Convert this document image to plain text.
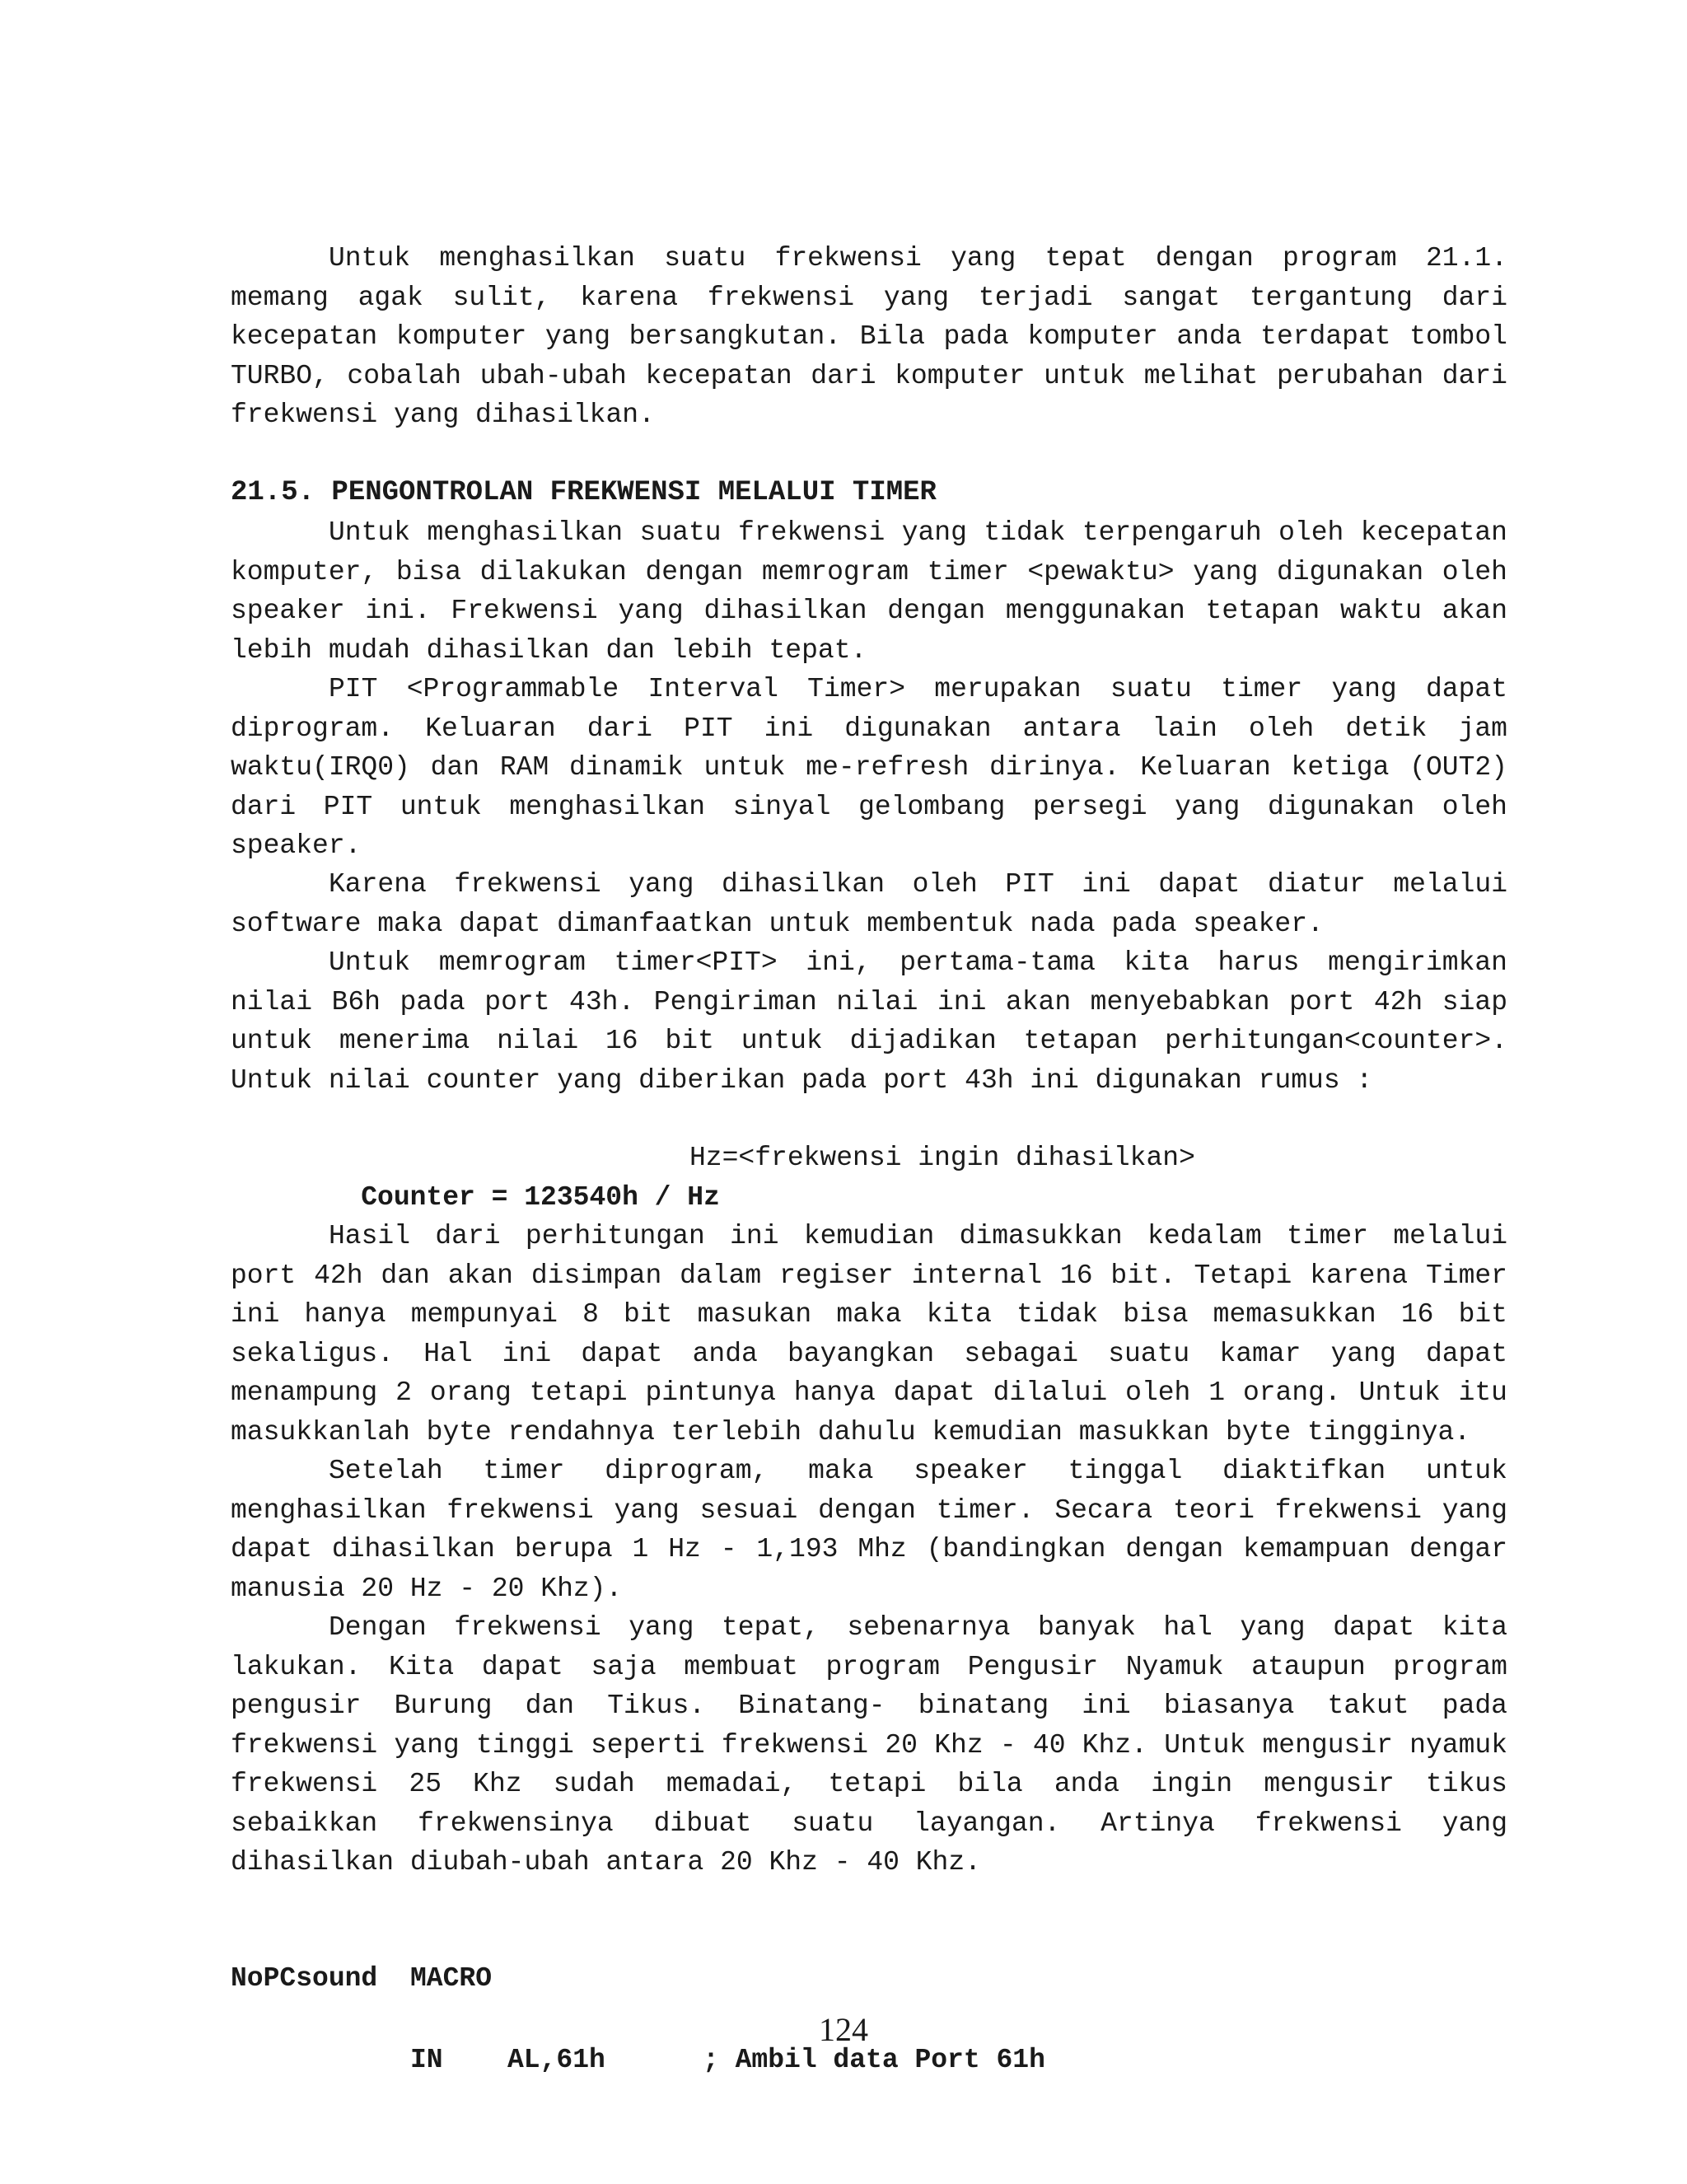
Untuk menghasilkan suatu frekwensi yang tepat dengan program 21.1. memang agak sulit, karena frekwensi yang terjadi sangat tergantung dari kecepatan komputer yang bersangkutan. Bila pada komputer anda terdapat tombol TURBO, cobalah ubah-ubah kecepatan dari komputer untuk melihat perubahan dari frekwensi yang dihasilkan.

21.5. PENGONTROLAN FREKWENSI MELALUI TIMER

Untuk menghasilkan suatu frekwensi yang tidak terpengaruh oleh kecepatan komputer, bisa dilakukan dengan memrogram timer <pewaktu> yang digunakan oleh speaker ini. Frekwensi yang dihasilkan dengan menggunakan tetapan waktu akan lebih mudah dihasilkan dan lebih tepat.

PIT <Programmable Interval Timer> merupakan suatu timer yang dapat diprogram. Keluaran dari PIT ini digunakan antara lain oleh detik jam waktu(IRQ0) dan RAM dinamik untuk me-refresh dirinya. Keluaran ketiga (OUT2) dari PIT untuk menghasilkan sinyal gelombang persegi yang digunakan oleh speaker.

Karena frekwensi yang dihasilkan oleh PIT ini dapat diatur melalui software maka dapat dimanfaatkan untuk membentuk nada pada speaker.

Untuk memrogram timer<PIT> ini, pertama-tama kita harus mengirimkan nilai B6h pada port 43h. Pengiriman nilai ini akan menyebabkan port 42h siap untuk menerima nilai 16 bit untuk dijadikan tetapan perhitungan<counter>. Untuk nilai counter yang diberikan pada port 43h ini digunakan rumus :

Counter = 123540h / Hz

Hz=<frekwensi ingin dihasilkan>

Hasil dari perhitungan ini kemudian dimasukkan kedalam timer melalui port 42h dan akan disimpan dalam regiser internal 16 bit. Tetapi karena Timer ini hanya mempunyai 8 bit masukan maka kita tidak bisa memasukkan 16 bit sekaligus. Hal ini dapat anda bayangkan sebagai suatu kamar yang dapat menampung 2 orang tetapi pintunya hanya dapat dilalui oleh 1 orang. Untuk itu masukkanlah byte rendahnya terlebih dahulu kemudian masukkan byte tingginya.

Setelah timer diprogram, maka speaker tinggal diaktifkan untuk menghasilkan frekwensi yang sesuai dengan timer. Secara teori frekwensi yang dapat dihasilkan berupa 1 Hz - 1,193 Mhz (bandingkan dengan kemampuan dengar manusia 20 Hz - 20 Khz).

Dengan frekwensi yang tepat, sebenarnya banyak hal yang dapat kita lakukan. Kita dapat saja membuat program Pengusir Nyamuk ataupun program pengusir Burung dan Tikus. Binatang- binatang ini biasanya takut pada frekwensi yang tinggi seperti frekwensi 20 Khz - 40 Khz. Untuk mengusir nyamuk frekwensi 25 Khz sudah memadai, tetapi bila anda ingin mengusir tikus sebaikkan frekwensinya dibuat suatu layangan. Artinya frekwensi yang dihasilkan diubah-ubah antara 20 Khz - 40 Khz.

NoPCsound

MACRO

IN

AL,61h

	; Ambil data Port 61h

124
